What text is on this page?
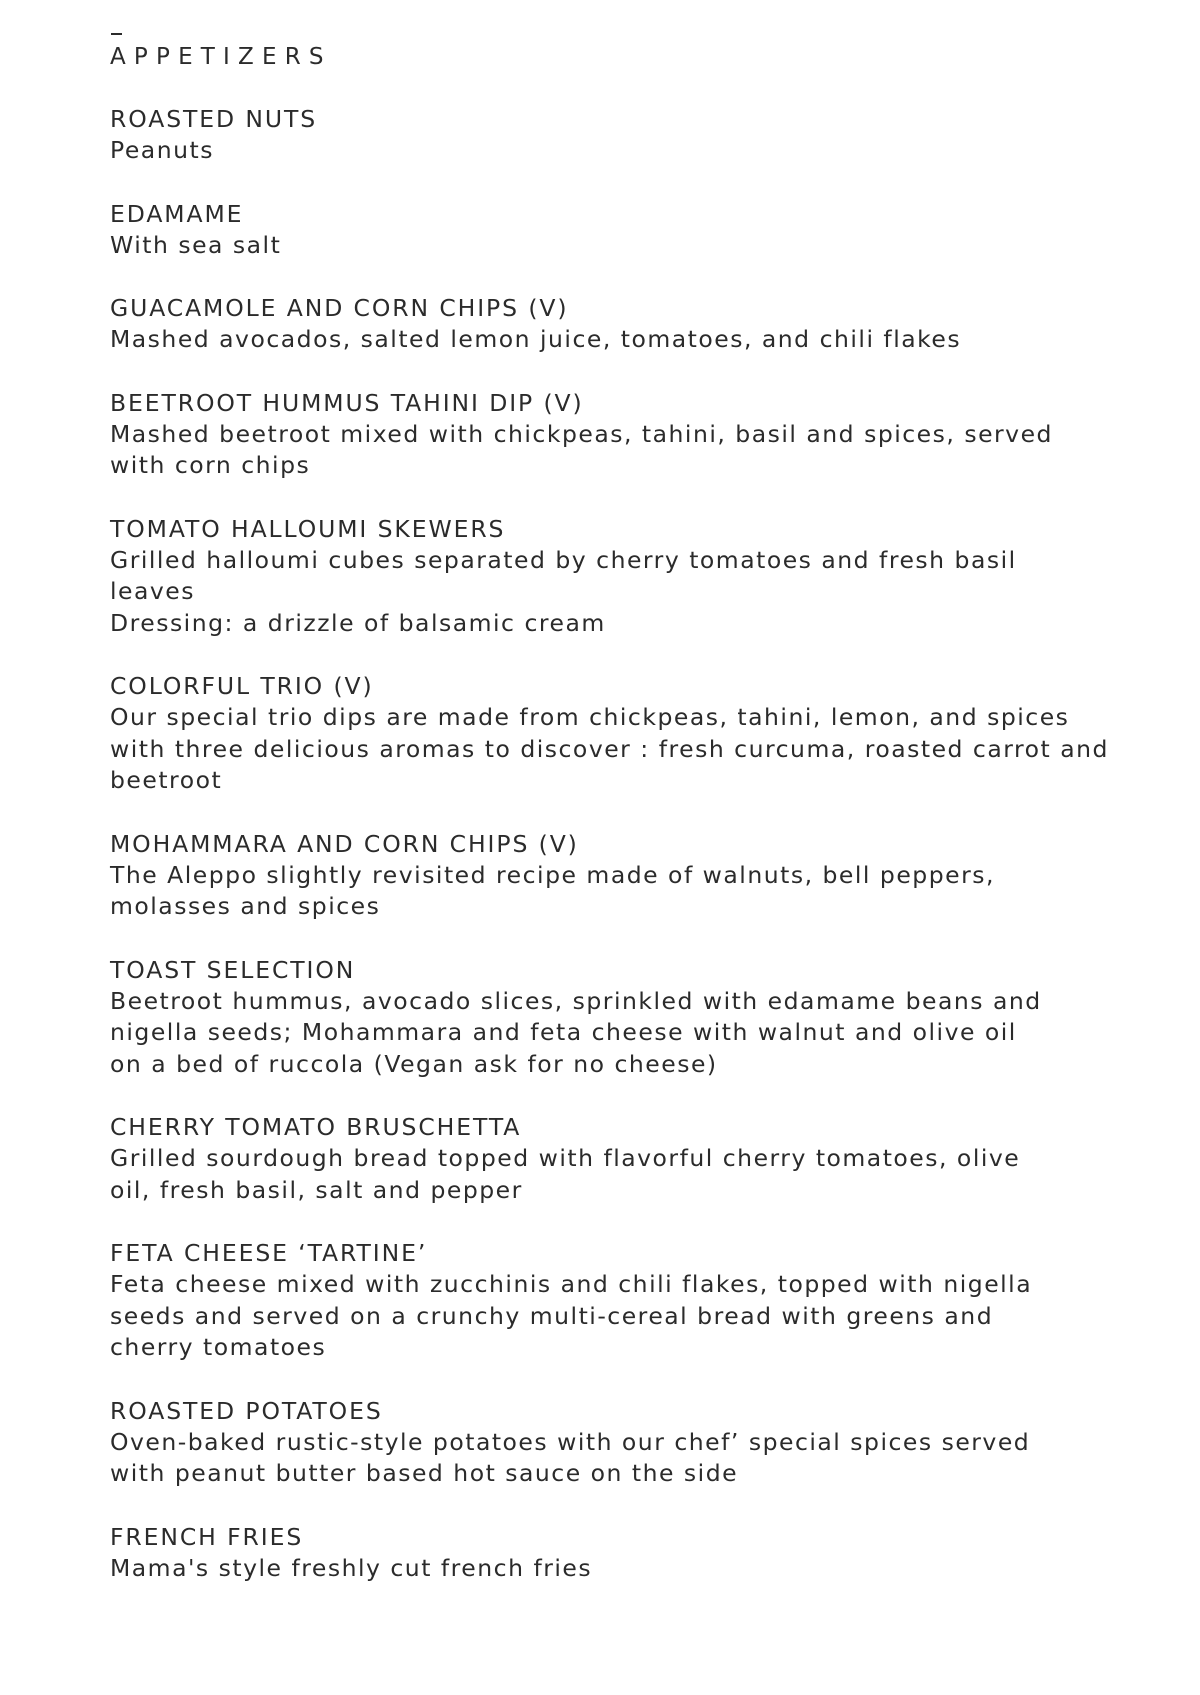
APPETIZERS

ROASTED NUTS

Peanuts

EDAMAME

With sea salt

GUACAMOLE AND CORN CHIPS (V)

Mashed avocados, salted lemon juice, tomatoes, and chili flakes

BEETROOT HUMMUS TAHINI DIP (V)

Mashed beetroot mixed with chickpeas, tahini, basil and spices, served
with corn chips

TOMATO HALLOUMI SKEWERS

Grilled halloumi cubes separated by cherry tomatoes and fresh basil
leaves
Dressing: a drizzle of balsamic cream

COLORFUL TRIO (V)

Our special trio dips are made from chickpeas, tahini, lemon, and spices
with three delicious aromas to discover : fresh curcuma, roasted carrot and
beetroot

MOHAMMARA AND CORN CHIPS (V)

The Aleppo slightly revisited recipe made of walnuts, bell peppers,
molasses and spices

TOAST SELECTION

Beetroot hummus, avocado slices, sprinkled with edamame beans and
nigella seeds; Mohammara and feta cheese with walnut and olive oil
on a bed of ruccola (Vegan ask for no cheese)

CHERRY TOMATO BRUSCHETTA

Grilled sourdough bread topped with flavorful cherry tomatoes, olive
oil, fresh basil, salt and pepper

FETA CHEESE ‘TARTINE’

Feta cheese mixed with zucchinis and chili flakes, topped with nigella
seeds and served on a crunchy multi-cereal bread with greens and
cherry tomatoes

ROASTED POTATOES

Oven-baked rustic-style potatoes with our chef’ special spices served
with peanut butter based hot sauce on the side

FRENCH FRIES

Mama's style freshly cut french fries
